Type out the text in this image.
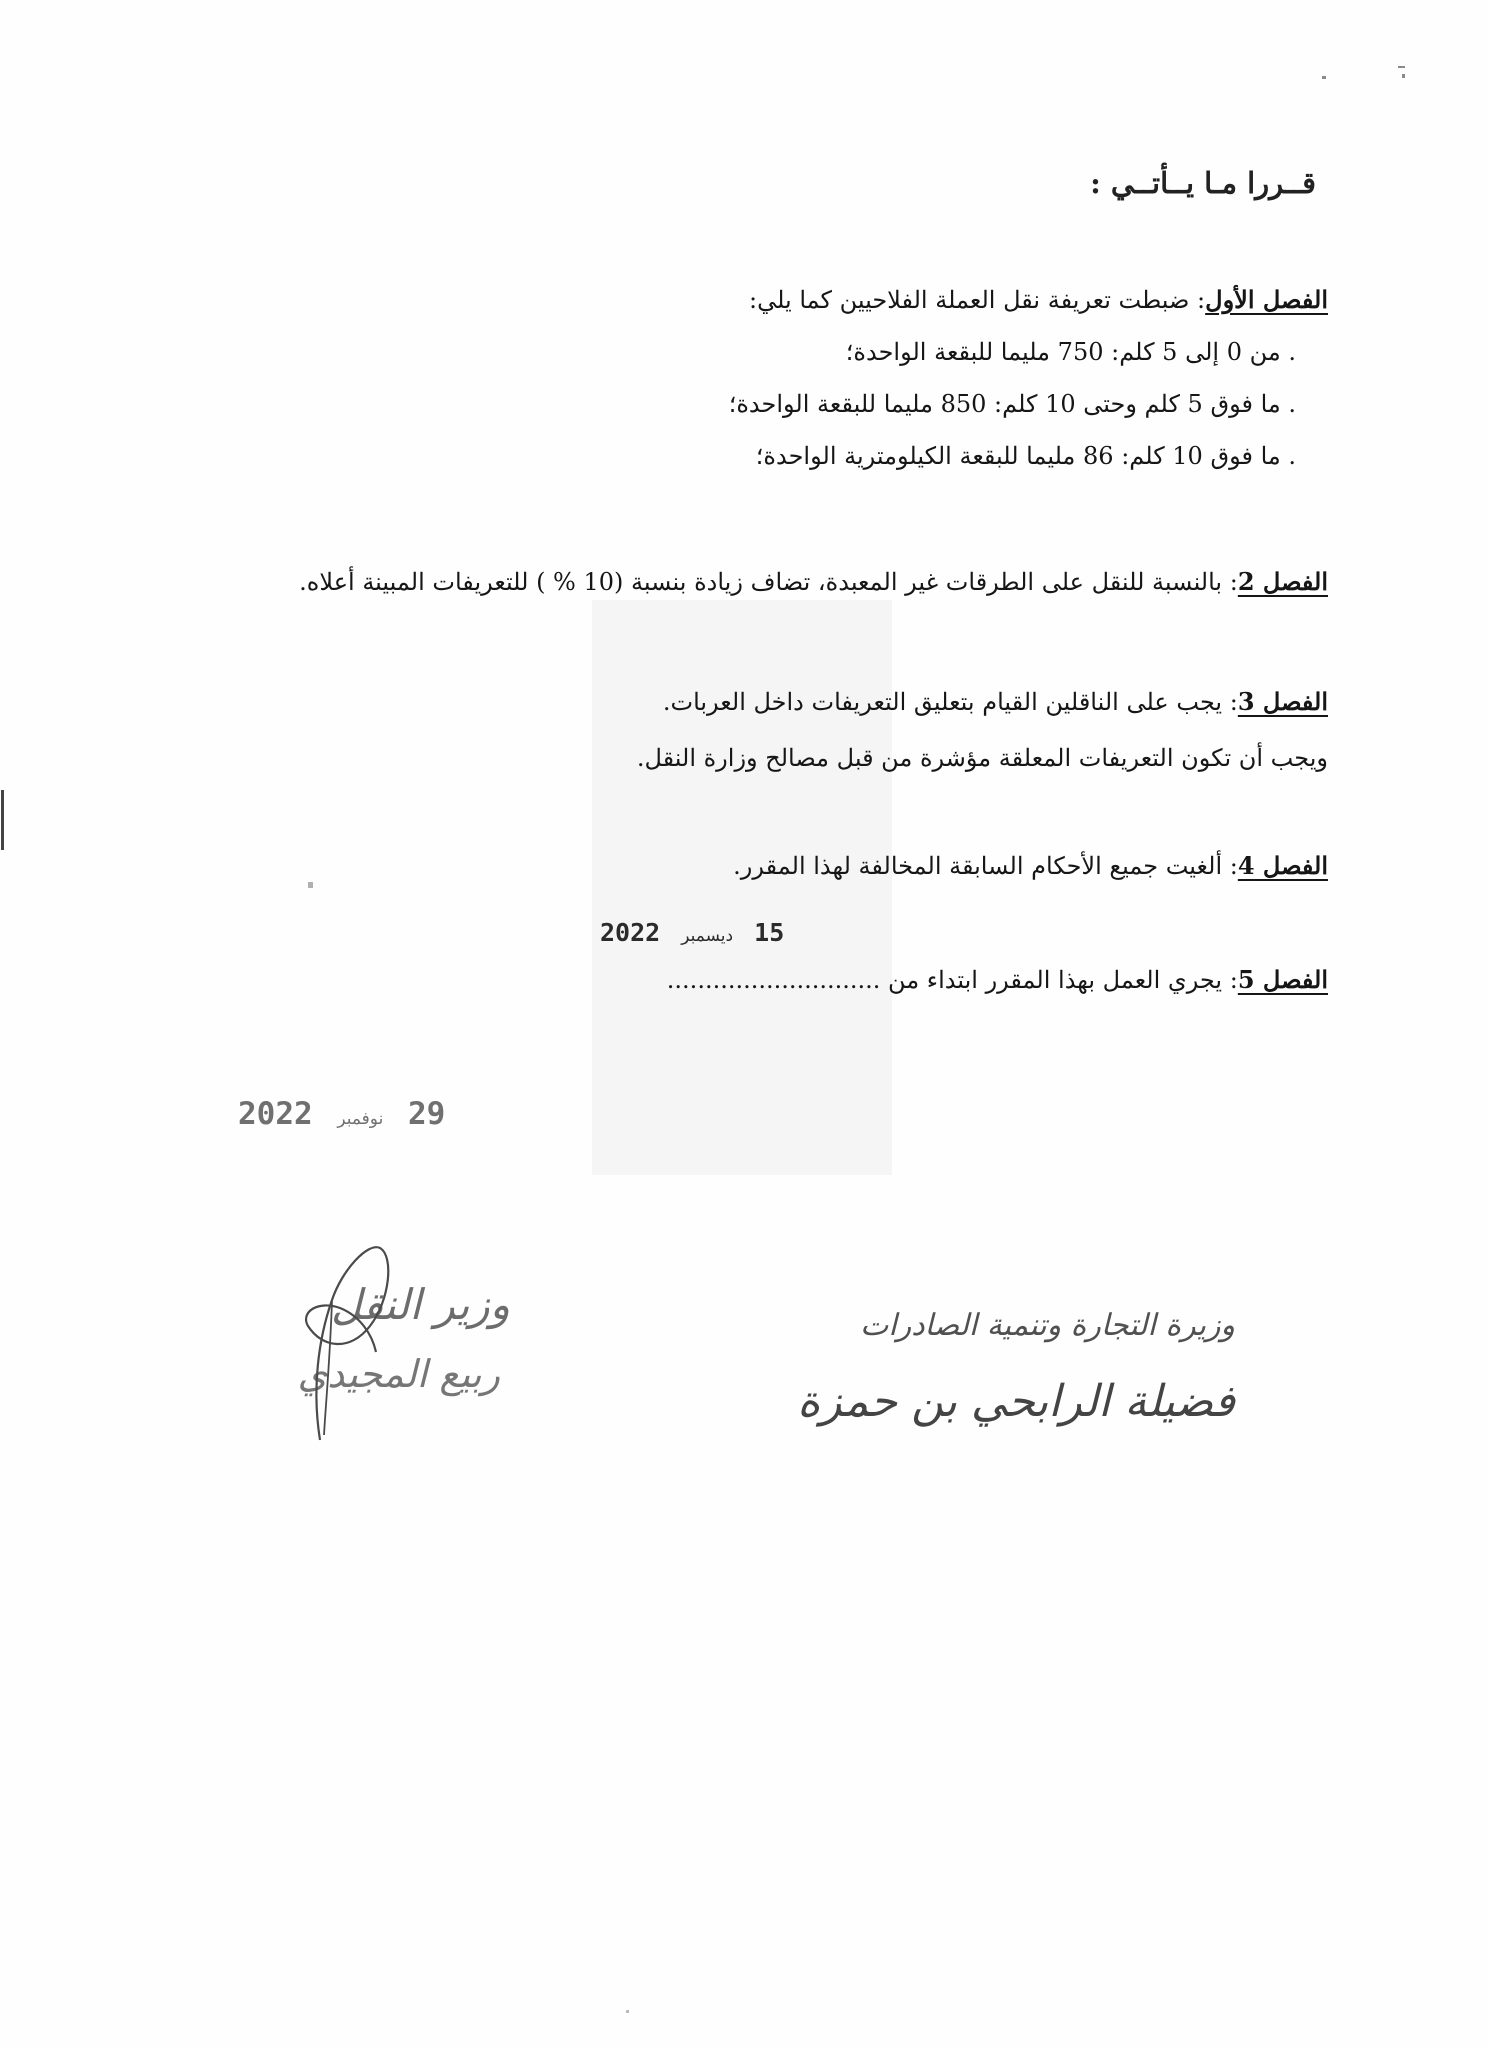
قــررا مـا يــأتــي :
الفصل الأول: ضبطت تعريفة نقل العملة الفلاحيين كما يلي:
. من 0 إلى 5 كلم: 750 مليما للبقعة الواحدة؛
. ما فوق 5 كلم وحتى 10 كلم: 850 مليما للبقعة الواحدة؛
. ما فوق 10 كلم: 86 مليما للبقعة الكيلومترية الواحدة؛
الفصل 2: بالنسبة للنقل على الطرقات غير المعبدة، تضاف زيادة بنسبة (10 % ) للتعريفات المبينة أعلاه.
الفصل 3: يجب على الناقلين القيام بتعليق التعريفات داخل العربات.
ويجب أن تكون التعريفات المعلقة مؤشرة من قبل مصالح وزارة النقل.
الفصل 4: ألغيت جميع الأحكام السابقة المخالفة لهذا المقرر.
15 ديسمبر 2022
الفصل 5: يجري العمل بهذا المقرر ابتداء من ............................
29 نوفمبر 2022
وزير النقل
ربيع المجيدي
وزيرة التجارة وتنمية الصادرات
فضيلة الرابحي بن حمزة
